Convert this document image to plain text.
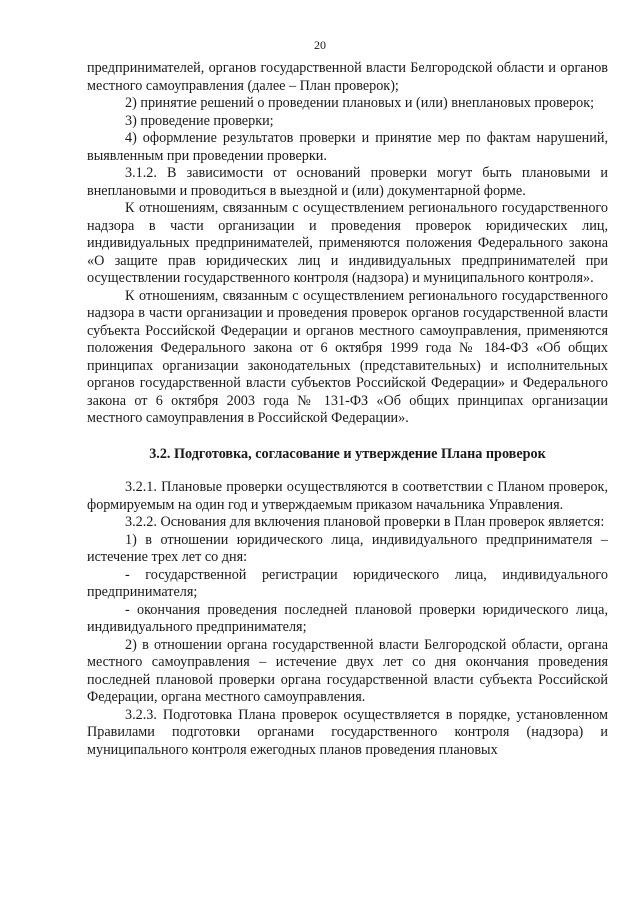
20

предпринимателей, органов государственной власти Белгородской области и органов местного самоуправления (далее – План проверок);

2) принятие решений о проведении плановых и (или) внеплановых проверок;

3) проведение проверки;

4) оформление результатов проверки и принятие мер по фактам нарушений, выявленным при проведении проверки.

3.1.2. В зависимости от оснований проверки могут быть плановыми и внеплановыми и проводиться в выездной и (или) документарной форме.

К отношениям, связанным с осуществлением регионального государственного надзора в части организации и проведения проверок юридических лиц, индивидуальных предпринимателей, применяются положения Федерального закона «О защите прав юридических лиц и индивидуальных предпринимателей при осуществлении государственного контроля (надзора) и муниципального контроля».

К отношениям, связанным с осуществлением регионального государственного надзора в части организации и проведения проверок органов государственной власти субъекта Российской Федерации и органов местного самоуправления, применяются положения Федерального закона от 6 октября 1999 года № 184-ФЗ «Об общих принципах организации законодательных (представительных) и исполнительных органов государственной власти субъектов Российской Федерации» и Федерального закона от 6 октября 2003 года № 131-ФЗ «Об общих принципах организации местного самоуправления в Российской Федерации».

3.2. Подготовка, согласование и утверждение Плана проверок

3.2.1. Плановые проверки осуществляются в соответствии с Планом проверок, формируемым на один год и утверждаемым приказом начальника Управления.

3.2.2. Основания для включения плановой проверки в План проверок является:

1) в отношении юридического лица, индивидуального предпринимателя – истечение трех лет со дня:

- государственной регистрации юридического лица, индивидуального предпринимателя;

- окончания проведения последней плановой проверки юридического лица, индивидуального предпринимателя;

2) в отношении органа государственной власти Белгородской области, органа местного самоуправления – истечение двух лет со дня окончания проведения последней плановой проверки органа государственной власти субъекта Российской Федерации, органа местного самоуправления.

3.2.3. Подготовка Плана проверок осуществляется в порядке, установленном Правилами подготовки органами государственного контроля (надзора) и муниципального контроля ежегодных планов проведения плановых
